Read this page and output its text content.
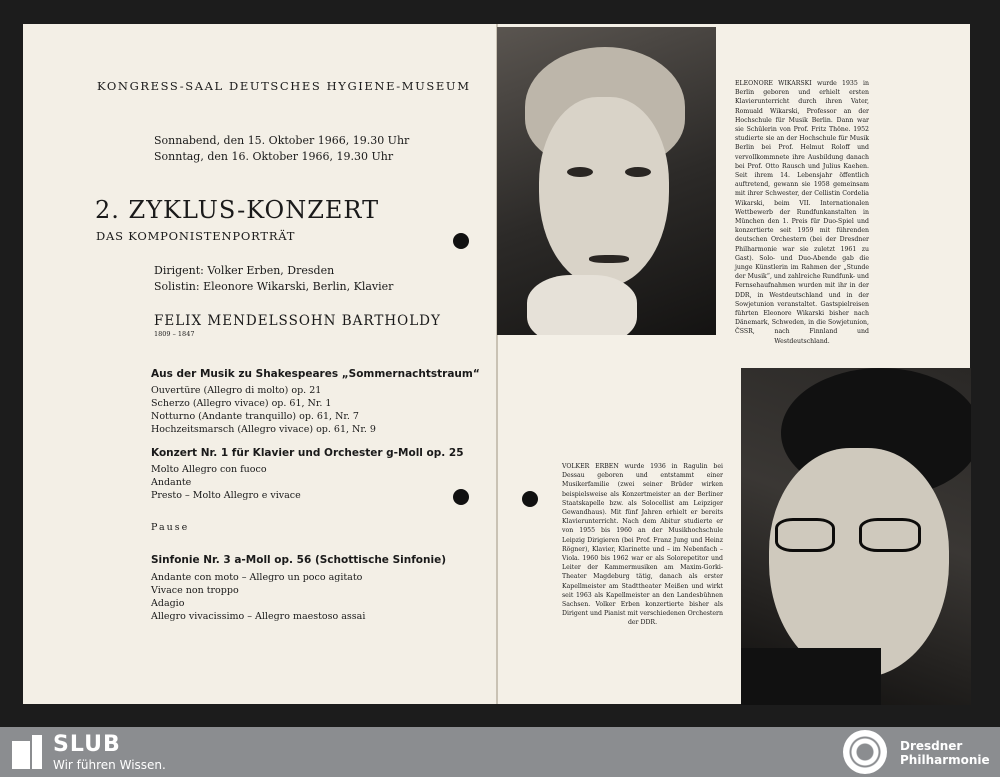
KONGRESS-SAAL DEUTSCHES HYGIENE-MUSEUM
Sonnabend, den 15. Oktober 1966, 19.30 Uhr
Sonntag, den 16. Oktober 1966, 19.30 Uhr
2. ZYKLUS-KONZERT
DAS KOMPONISTENPORTRÄT
Dirigent: Volker Erben, Dresden
Solistin: Eleonore Wikarski, Berlin, Klavier
FELIX MENDELSSOHN BARTHOLDY
1809 – 1847
Aus der Musik zu Shakespeares „Sommernachtstraum“
Ouvertüre (Allegro di molto) op. 21
Scherzo (Allegro vivace) op. 61, Nr. 1
Notturno (Andante tranquillo) op. 61, Nr. 7
Hochzeitsmarsch (Allegro vivace) op. 61, Nr. 9
Konzert Nr. 1 für Klavier und Orchester g-Moll op. 25
Molto Allegro con fuoco
Andante
Presto – Molto Allegro e vivace
Pause
Sinfonie Nr. 3 a-Moll op. 56 (Schottische Sinfonie)
Andante con moto – Allegro un poco agitato
Vivace non troppo
Adagio
Allegro vivacissimo – Allegro maestoso assai
ELEONORE WIKARSKI wurde 1935 in Berlin geboren und erhielt ersten Klavierunterricht durch ihren Vater, Romuald Wikarski, Professor an der Hochschule für Musik Berlin. Dann war sie Schülerin von Prof. Fritz Thöne. 1952 studierte sie an der Hochschule für Musik Berlin bei Prof. Helmut Roloff und vervollkommnete ihre Ausbildung danach bei Prof. Otto Rausch und Julius Kaehen. Seit ihrem 14. Lebensjahr öffentlich auftretend, gewann sie 1958 gemeinsam mit ihrer Schwester, der Cellistin Cordelia Wikarski, beim VII. Internationalen Wettbewerb der Rundfunkanstalten in München den 1. Preis für Duo-Spiel und konzertierte seit 1959 mit führenden deutschen Orchestern (bei der Dresdner Philharmonie war sie zuletzt 1961 zu Gast). Solo- und Duo-Abende gab die junge Künstlerin im Rahmen der „Stunde der Musik“, und zahlreiche Rundfunk- und Fernsehaufnahmen wurden mit ihr in der DDR, in Westdeutschland und in der Sowjetunion veranstaltet. Gastspielreisen führten Eleonore Wikarski bisher nach Dänemark, Schweden, in die Sowjetunion, ČSSR, nach Finnland und Westdeutschland.
VOLKER ERBEN wurde 1936 in Ragulin bei Dessau geboren und entstammt einer Musikerfamilie (zwei seiner Brüder wirken beispielsweise als Konzertmeister an der Berliner Staatskapelle bzw. als Solocellist am Leipziger Gewandhaus). Mit fünf Jahren erhielt er bereits Klavierunterricht. Nach dem Abitur studierte er von 1955 bis 1960 an der Musikhochschule Leipzig Dirigieren (bei Prof. Franz Jung und Heinz Rögner), Klavier, Klarinette und – im Nebenfach – Viola. 1960 bis 1962 war er als Solorepetitor und Leiter der Kammermusiken am Maxim-Gorki-Theater Magdeburg tätig, danach als erster Kapellmeister am Stadttheater Meißen und wirkt seit 1963 als Kapellmeister an den Landesbühnen Sachsen. Volker Erben konzertierte bisher als Dirigent und Pianist mit verschiedenen Orchestern der DDR.
SLUB
Wir führen Wissen.
Dresdner
Philharmonie
